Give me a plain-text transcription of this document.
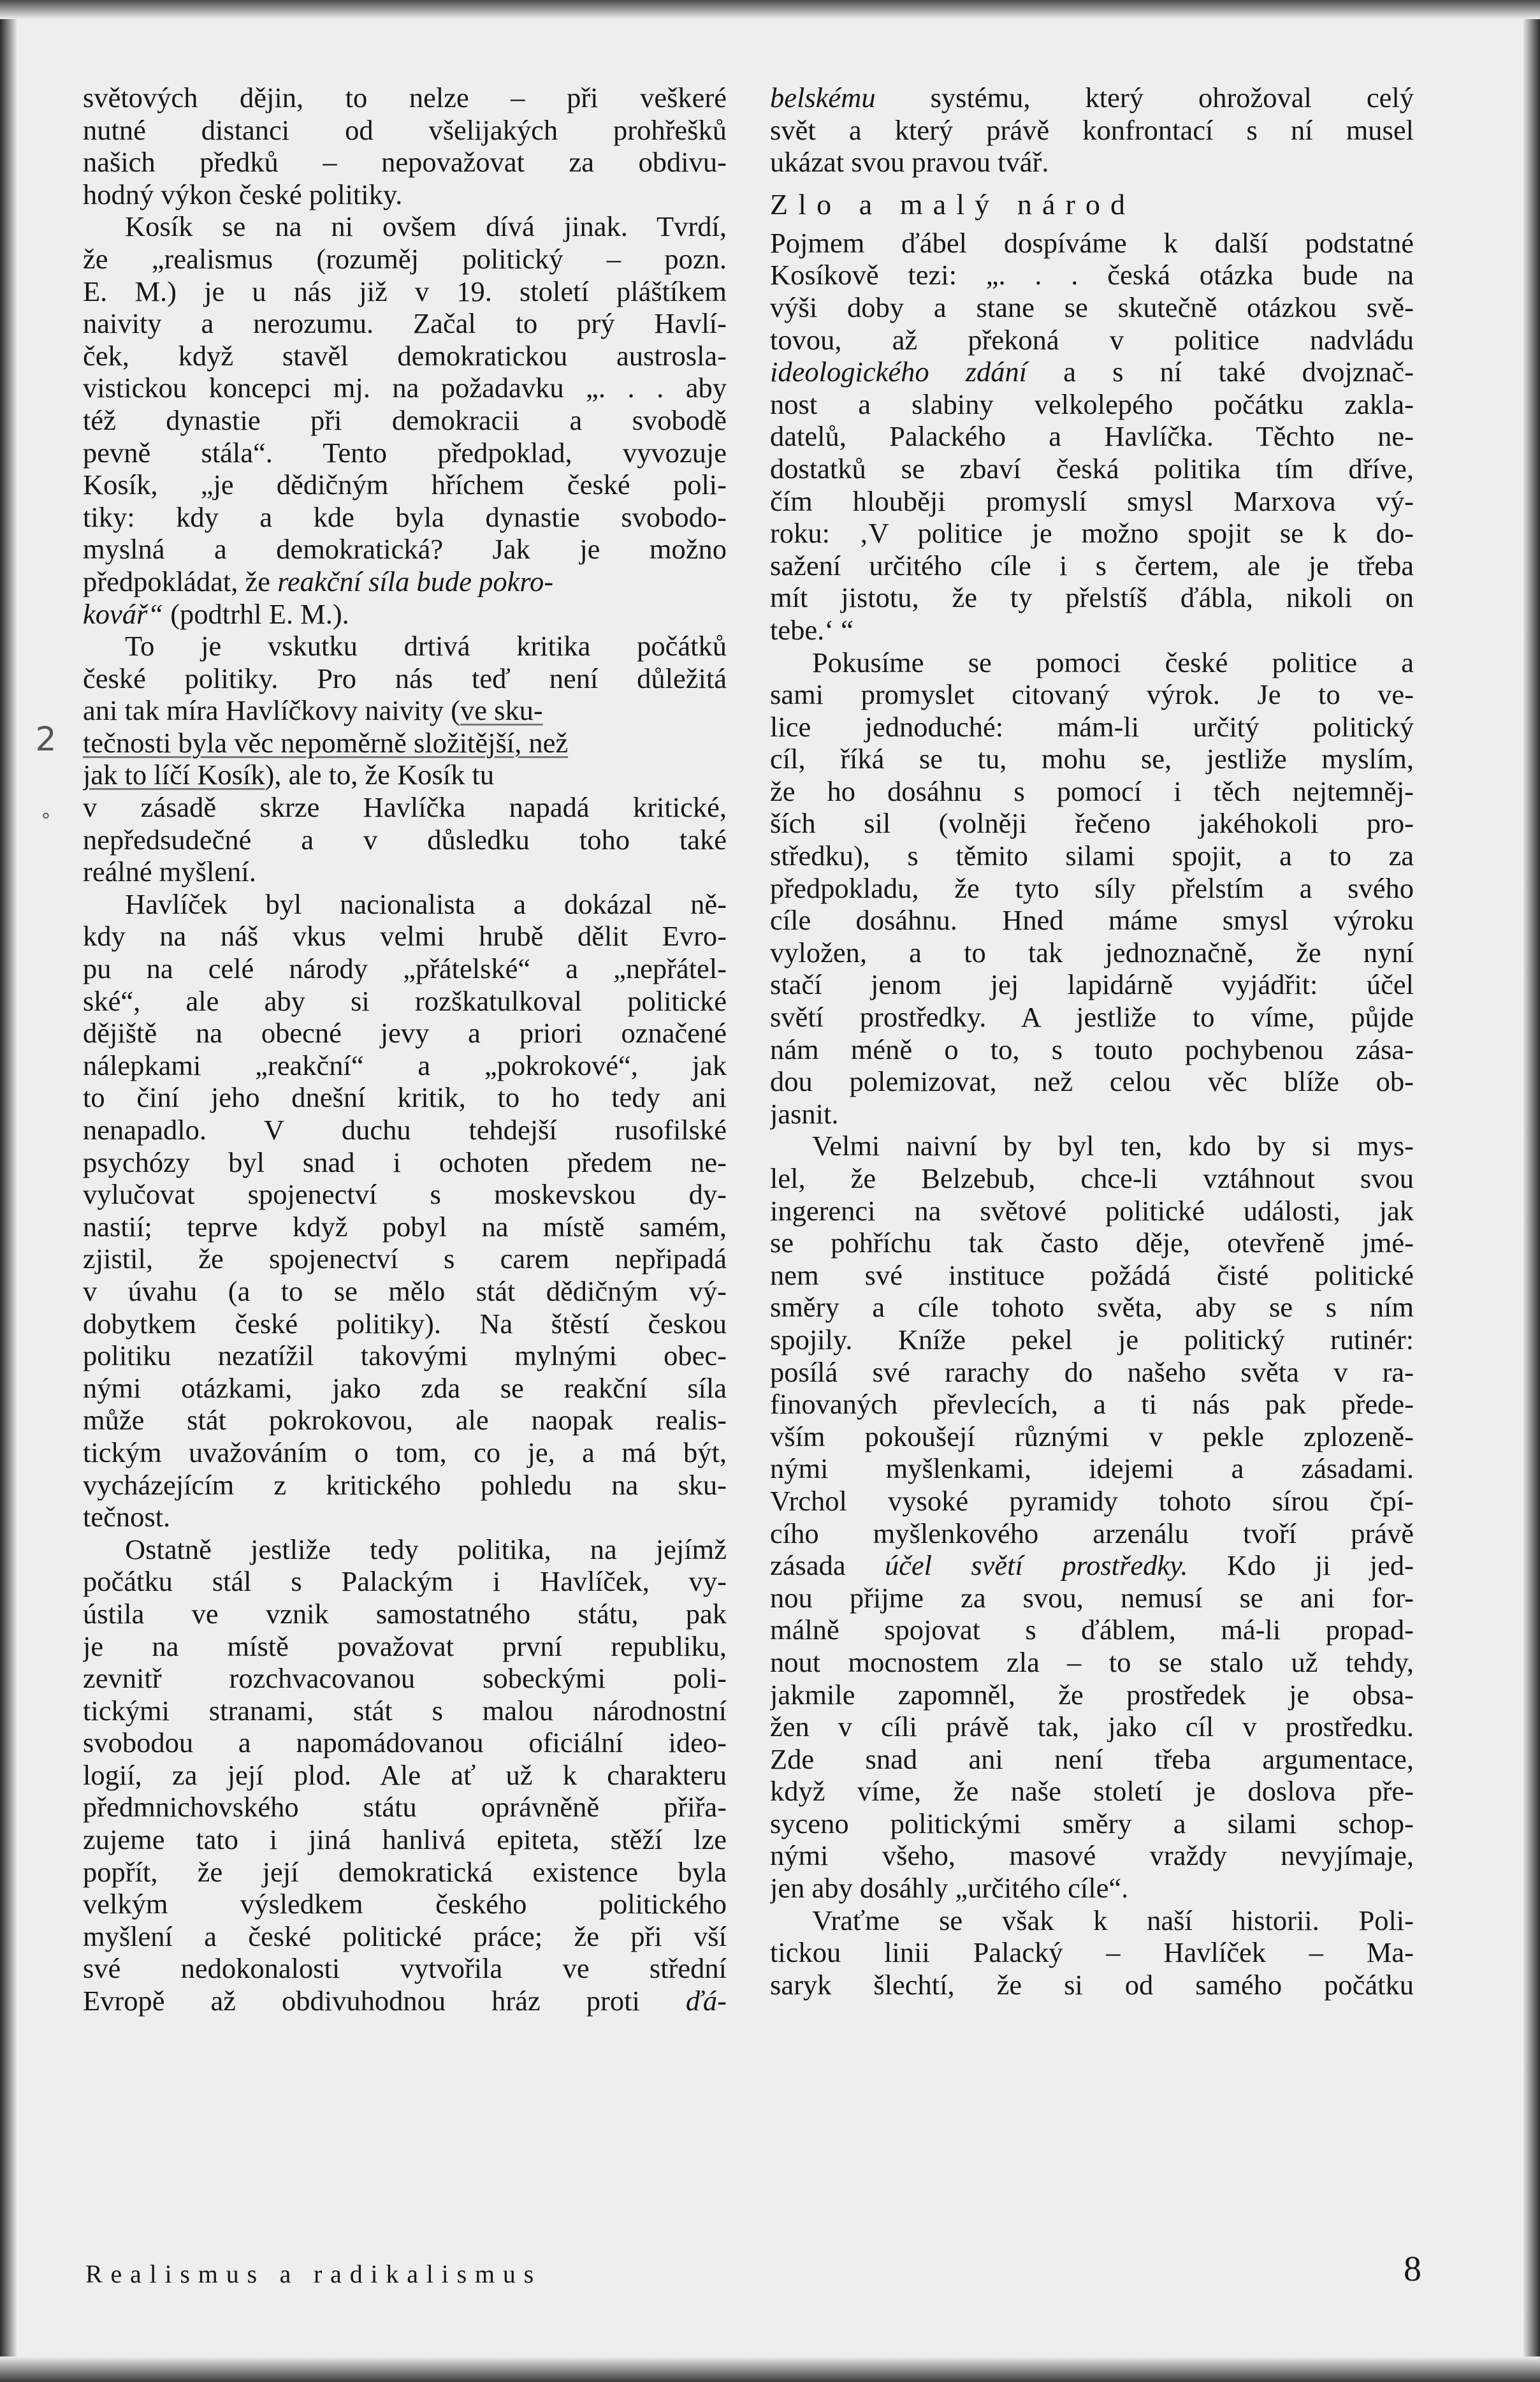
světových dějin, to nelze – při veškeré
nutné distanci od všelijakých prohřešků
našich předků – nepovažovat za obdivu-
hodný výkon české politiky.
Kosík se na ni ovšem dívá jinak. Tvrdí,
že „realismus (rozuměj politický – pozn.
E. M.) je u nás již v 19. století pláštíkem
naivity a nerozumu. Začal to prý Havlí-
ček, když stavěl demokratickou austrosla-
vistickou koncepci mj. na požadavku „. . . aby
též dynastie při demokracii a svobodě
pevně stála“. Tento předpoklad, vyvozuje
Kosík, „je dědičným hříchem české poli-
tiky: kdy a kde byla dynastie svobodo-
myslná a demokratická? Jak je možno
předpokládat, že reakční síla bude pokro-
kovář“ (podtrhl E. M.).
To je vskutku drtivá kritika počátků
české politiky. Pro nás teď není důležitá
ani tak míra Havlíčkovy naivity (ve sku-
tečnosti byla věc nepoměrně složitější, než
jak to líčí Kosík), ale to, že Kosík tu
v zásadě skrze Havlíčka napadá kritické,
nepředsudečné a v důsledku toho také
reálné myšlení.
Havlíček byl nacionalista a dokázal ně-
kdy na náš vkus velmi hrubě dělit Evro-
pu na celé národy „přátelské“ a „nepřátel-
ské“, ale aby si rozškatulkoval politické
dějiště na obecné jevy a priori označené
nálepkami „reakční“ a „pokrokové“, jak
to činí jeho dnešní kritik, to ho tedy ani
nenapadlo. V duchu tehdejší rusofilské
psychózy byl snad i ochoten předem ne-
vylučovat spojenectví s moskevskou dy-
nastií; teprve když pobyl na místě samém,
zjistil, že spojenectví s carem nepřipadá
v úvahu (a to se mělo stát dědičným vý-
dobytkem české politiky). Na štěstí českou
politiku nezatížil takovými mylnými obec-
nými otázkami, jako zda se reakční síla
může stát pokrokovou, ale naopak realis-
tickým uvažováním o tom, co je, a má být,
vycházejícím z kritického pohledu na sku-
tečnost.
Ostatně jestliže tedy politika, na jejímž
počátku stál s Palackým i Havlíček, vy-
ústila ve vznik samostatného státu, pak
je na místě považovat první republiku,
zevnitř rozchvacovanou sobeckými poli-
tickými stranami, stát s malou národnostní
svobodou a napomádovanou oficiální ideo-
logií, za její plod. Ale ať už k charakteru
předmnichovského státu oprávněně přiřa-
zujeme tato i jiná hanlivá epiteta, stěží lze
popřít, že její demokratická existence byla
velkým výsledkem českého politického
myšlení a české politické práce; že při vší
své nedokonalosti vytvořila ve střední
Evropě až obdivuhodnou hráz proti ďá-
2
°
belskému systému, který ohrožoval celý
svět a který právě konfrontací s ní musel
ukázat svou pravou tvář.
Zlo a malý národ
Pojmem ďábel dospíváme k další podstatné
Kosíkově tezi: „. . . česká otázka bude na
výši doby a stane se skutečně otázkou svě-
tovou, až překoná v politice nadvládu
ideologického zdání a s ní také dvojznač-
nost a slabiny velkolepého počátku zakla-
datelů, Palackého a Havlíčka. Těchto ne-
dostatků se zbaví česká politika tím dříve,
čím hlouběji promyslí smysl Marxova vý-
roku: ‚V politice je možno spojit se k do-
sažení určitého cíle i s čertem, ale je třeba
mít jistotu, že ty přelstíš ďábla, nikoli on
tebe.‘ “
Pokusíme se pomoci české politice a
sami promyslet citovaný výrok. Je to ve-
lice jednoduché: mám-li určitý politický
cíl, říká se tu, mohu se, jestliže myslím,
že ho dosáhnu s pomocí i těch nejtemněj-
ších sil (volněji řečeno jakéhokoli pro-
středku), s těmito silami spojit, a to za
předpokladu, že tyto síly přelstím a svého
cíle dosáhnu. Hned máme smysl výroku
vyložen, a to tak jednoznačně, že nyní
stačí jenom jej lapidárně vyjádřit: účel
světí prostředky. A jestliže to víme, půjde
nám méně o to, s touto pochybenou zása-
dou polemizovat, než celou věc blíže ob-
jasnit.
Velmi naivní by byl ten, kdo by si mys-
lel, že Belzebub, chce-li vztáhnout svou
ingerenci na světové politické události, jak
se pohříchu tak často děje, otevřeně jmé-
nem své instituce požádá čisté politické
směry a cíle tohoto světa, aby se s ním
spojily. Kníže pekel je politický rutinér:
posílá své rarachy do našeho světa v ra-
finovaných převlecích, a ti nás pak přede-
vším pokoušejí různými v pekle zplozeně-
nými myšlenkami, idejemi a zásadami.
Vrchol vysoké pyramidy tohoto sírou čpí-
cího myšlenkového arzenálu tvoří právě
zásada účel světí prostředky. Kdo ji jed-
nou přijme za svou, nemusí se ani for-
málně spojovat s ďáblem, má-li propad-
nout mocnostem zla – to se stalo už tehdy,
jakmile zapomněl, že prostředek je obsa-
žen v cíli právě tak, jako cíl v prostředku.
Zde snad ani není třeba argumentace,
když víme, že naše století je doslova pře-
syceno politickými směry a silami schop-
nými všeho, masové vraždy nevyjímaje,
jen aby dosáhly „určitého cíle“.
Vraťme se však k naší historii. Poli-
tickou linii Palacký – Havlíček – Ma-
saryk šlechtí, že si od samého počátku
Realismus a radikalismus	8
